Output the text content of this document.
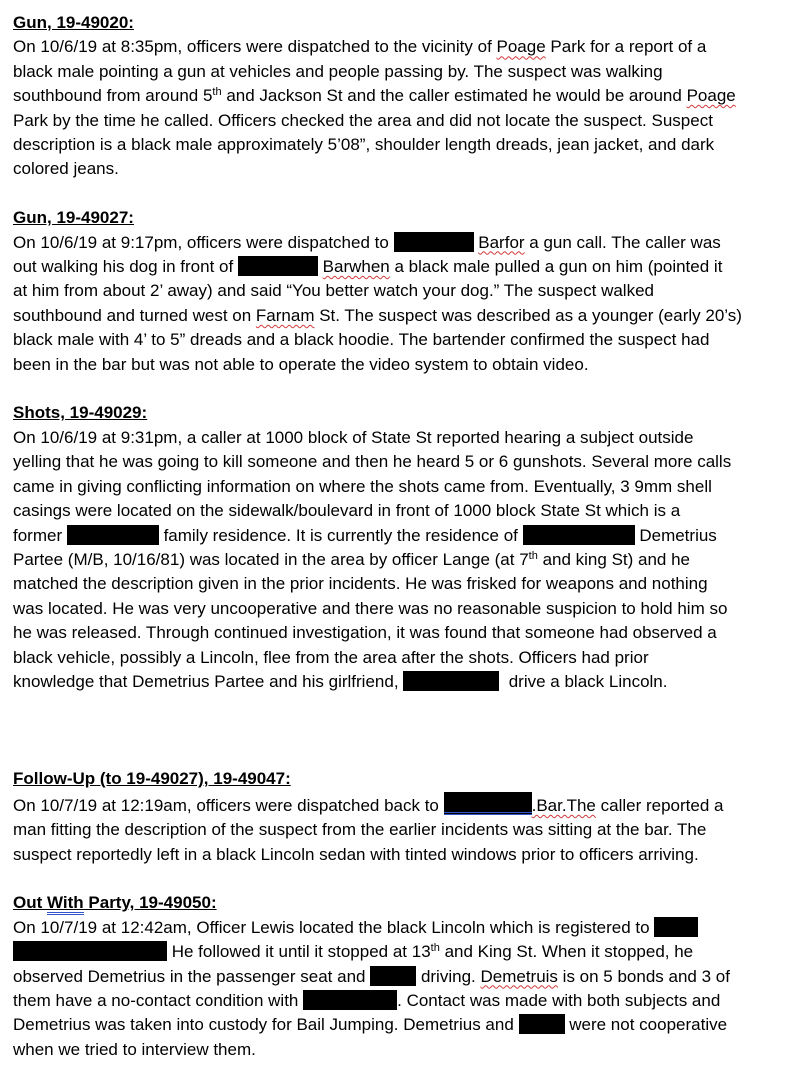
Gun, 19-49020:
On 10/6/19 at 8:35pm, officers were dispatched to the vicinity of Poage Park for a report of a
black male pointing a gun at vehicles and people passing by. The suspect was walking
southbound from around 5th and Jackson St and the caller estimated he would be around Poage
Park by the time he called. Officers checked the area and did not locate the suspect. Suspect
description is a black male approximately 5’08”, shoulder length dreads, jean jacket, and dark
colored jeans.
Gun, 19-49027:
On 10/6/19 at 9:17pm, officers were dispatched to	Barfor a gun call. The caller was
out walking his dog in front of	Barwhen a black male pulled a gun on him (pointed it
at him from about 2’ away) and said “You better watch your dog.” The suspect walked
southbound and turned west on Farnam St. The suspect was described as a younger (early 20’s)
black male with 4’ to 5” dreads and a black hoodie. The bartender confirmed the suspect had
been in the bar but was not able to operate the video system to obtain video.
Shots, 19-49029:
On 10/6/19 at 9:31pm, a caller at 1000 block of State St reported hearing a subject outside
yelling that he was going to kill someone and then he heard 5 or 6 gunshots. Several more calls
came in giving conflicting information on where the shots came from. Eventually, 3 9mm shell
casings were located on the sidewalk/boulevard in front of 1000 block State St which is a
former	family residence. It is currently the residence of	Demetrius
Partee (M/B, 10/16/81) was located in the area by officer Lange (at 7th and king St) and he
matched the description given in the prior incidents. He was frisked for weapons and nothing
was located. He was very uncooperative and there was no reasonable suspicion to hold him so
he was released. Through continued investigation, it was found that someone had observed a
black vehicle, possibly a Lincoln, flee from the area after the shots. Officers had prior
knowledge that Demetrius Partee and his girlfriend,	drive a black Lincoln.
Follow-Up (to 19-49027), 19-49047:
On 10/7/19 at 12:19am, officers were dispatched back to	.Bar.The caller reported a
man fitting the description of the suspect from the earlier incidents was sitting at the bar. The
suspect reportedly left in a black Lincoln sedan with tinted windows prior to officers arriving.
Out With Party, 19-49050:
On 10/7/19 at 12:42am, Officer Lewis located the black Lincoln which is registered to
He followed it until it stopped at 13th and King St. When it stopped, he
observed Demetrius in the passenger seat and	driving. Demetruis is on 5 bonds and 3 of
them have a no-contact condition with	. Contact was made with both subjects and
Demetrius was taken into custody for Bail Jumping. Demetrius and	were not cooperative
when we tried to interview them.
